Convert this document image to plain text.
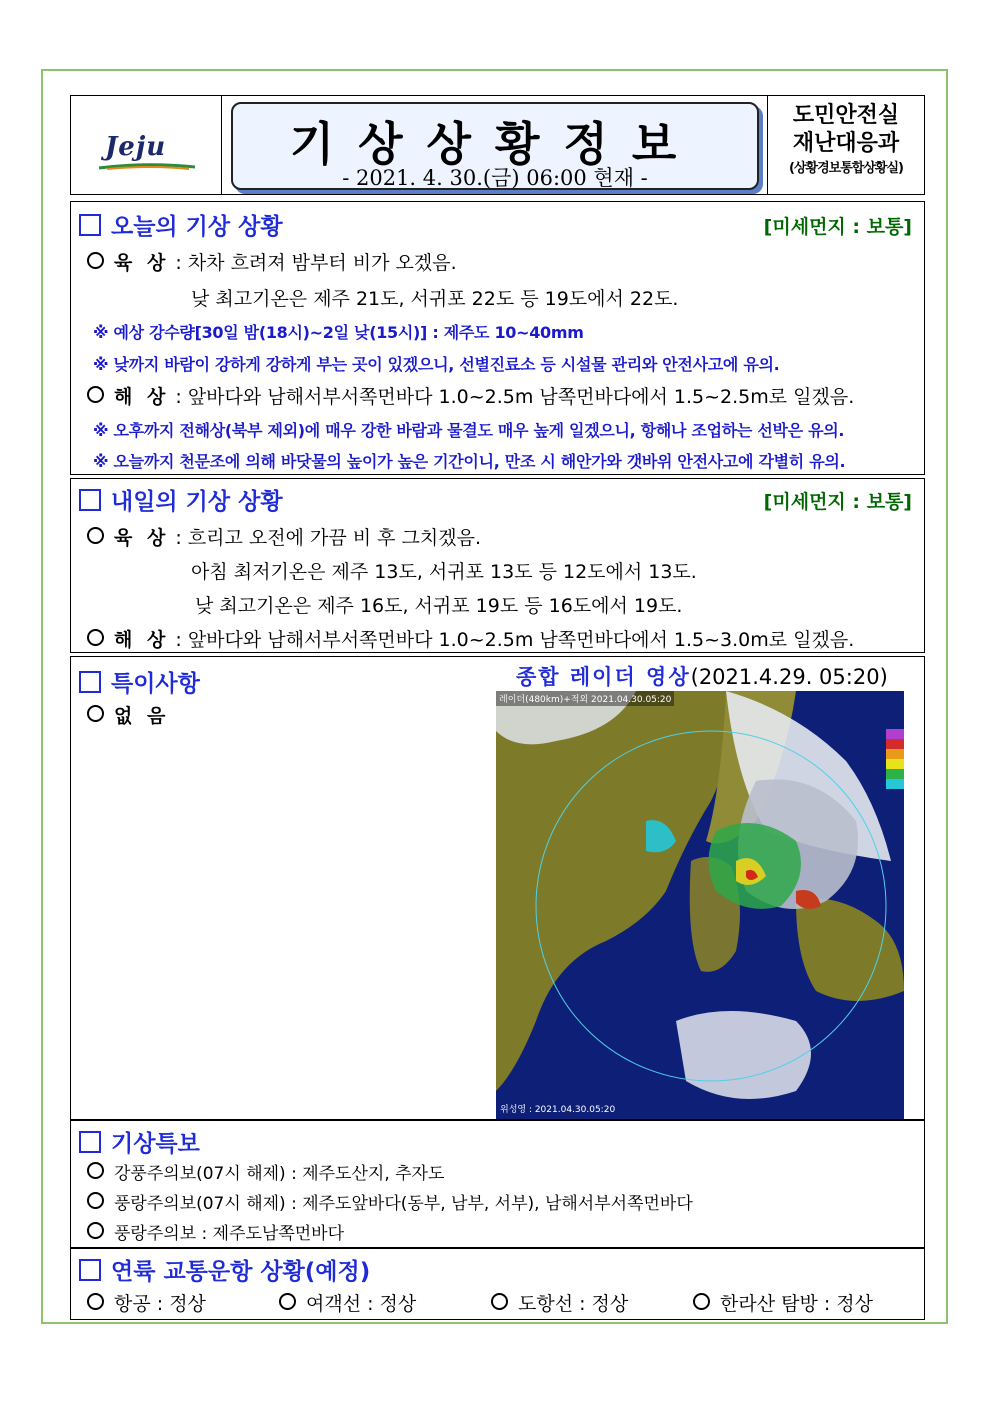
Jeju	기상상황정보
- 2021. 4. 30.(금) 06:00 현재 -
도민안전실
재난대응과
(상황경보통합상황실)
오늘의 기상 상황	[미세먼지 : 보통]
육 상 : 차차 흐려져 밤부터 비가 오겠음.
낮 최고기온은 제주 21도, 서귀포 22도 등 19도에서 22도.
※ 예상 강수량[30일 밤(18시)~2일 낮(15시)] : 제주도 10~40mm
※ 낮까지 바람이 강하게 강하게 부는 곳이 있겠으니, 선별진료소 등 시설물 관리와 안전사고에 유의.
해 상 : 앞바다와 남해서부서쪽먼바다 1.0~2.5m 남쪽먼바다에서 1.5~2.5m로 일겠음.
※ 오후까지 전해상(북부 제외)에 매우 강한 바람과 물결도 매우 높게 일겠으니, 항해나 조업하는 선박은 유의.
※ 오늘까지 천문조에 의해 바닷물의 높이가 높은 기간이니, 만조 시 해안가와 갯바위 안전사고에 각별히 유의.
내일의 기상 상황	[미세먼지 : 보통]
육 상 : 흐리고 오전에 가끔 비 후 그치겠음.
아침 최저기온은 제주 13도, 서귀포 13도 등 12도에서 13도.
낮 최고기온은 제주 16도, 서귀포 19도 등 16도에서 19도.
해 상 : 앞바다와 남해서부서쪽먼바다 1.0~2.5m 남쪽먼바다에서 1.5~3.0m로 일겠음.
특이사항
없 음
종합 레이더 영상(2021.4.29. 05:20)
레이더(480km)+적외 2021.04.30.05:20
위성영 : 2021.04.30.05:20
기상특보
강풍주의보(07시 해제) : 제주도산지, 추자도
풍랑주의보(07시 해제) : 제주도앞바다(동부, 남부, 서부), 남해서부서쪽먼바다
풍랑주의보 : 제주도남쪽먼바다
연륙 교통운항 상황(예정)
항공 : 정상	여객선 : 정상	도항선 : 정상	한라산 탐방 : 정상
